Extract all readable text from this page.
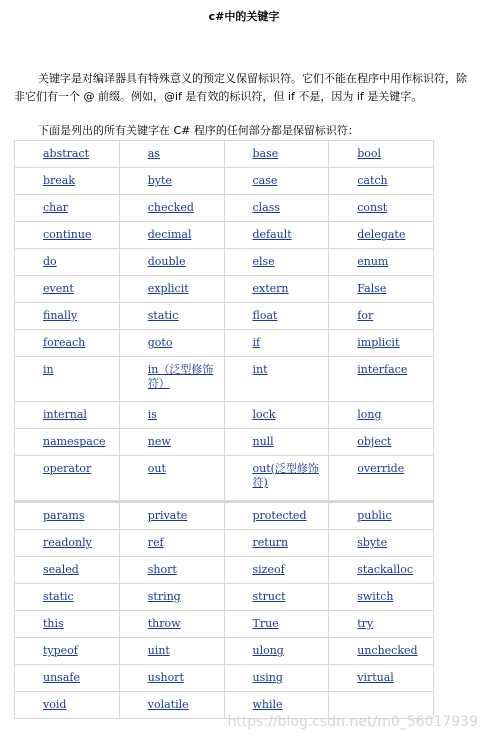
c#中的关键字
关键字是对编译器具有特殊意义的预定义保留标识符。它们不能在程序中用作标识符，除非它们有一个 @ 前缀。例如，@if 是有效的标识符，但 if 不是，因为 if 是关键字。
下面是列出的所有关键字在 C# 程序的任何部分都是保留标识符：
abstract	as	base	bool
break	byte	case	catch
char	checked	class	const
continue	decimal	default	delegate
do	double	else	enum
event	explicit	extern	False
finally	static	float	for
foreach	goto	if	implicit
in	in（泛型修饰符）	int	interface
internal	is	lock	long
namespace	new	null	object
operator	out	out(泛型修饰符)	override
params	private	protected	public
readonly	ref	return	sbyte
sealed	short	sizeof	stackalloc
static	string	struct	switch
this	throw	True	try
typeof	uint	ulong	unchecked
unsafe	ushort	using	virtual
void	volatile	while	
https://blog.csdn.net/m0_56017939
